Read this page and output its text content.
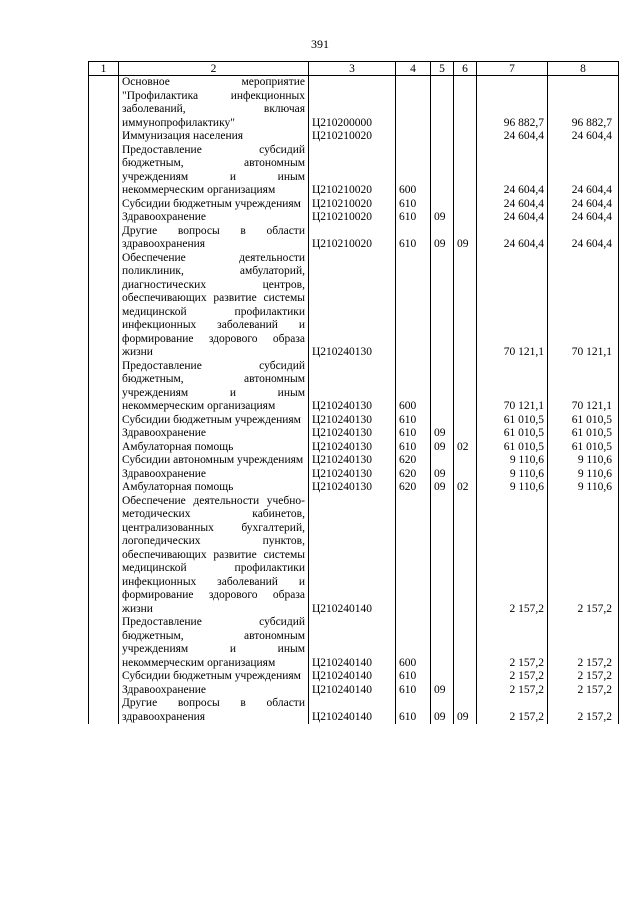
391
1	2	3	4	5	6	7	8
	Основное мероприятие "Профилактика инфекционных заболеваний, включая иммунопрофилактику"	Ц210200000				96 882,7	96 882,7
	Иммунизация населения	Ц210210020				24 604,4	24 604,4
	Предоставление субсидий бюджетным, автономным учреждениям и иным некоммерческим организациям	Ц210210020	600			24 604,4	24 604,4
	Субсидии бюджетным учреждениям	Ц210210020	610			24 604,4	24 604,4
	Здравоохранение	Ц210210020	610	09		24 604,4	24 604,4
	Другие вопросы в области здравоохранения	Ц210210020	610	09	09	24 604,4	24 604,4
	Обеспечение деятельности поликлиник, амбулаторий, диагностических центров, обеспечивающих развитие системы медицинской профилактики инфекционных заболеваний и формирование здорового образа жизни	Ц210240130				70 121,1	70 121,1
	Предоставление субсидий бюджетным, автономным учреждениям и иным некоммерческим организациям	Ц210240130	600			70 121,1	70 121,1
	Субсидии бюджетным учреждениям	Ц210240130	610			61 010,5	61 010,5
	Здравоохранение	Ц210240130	610	09		61 010,5	61 010,5
	Амбулаторная помощь	Ц210240130	610	09	02	61 010,5	61 010,5
	Субсидии автономным учреждениям	Ц210240130	620			9 110,6	9 110,6
	Здравоохранение	Ц210240130	620	09		9 110,6	9 110,6
	Амбулаторная помощь	Ц210240130	620	09	02	9 110,6	9 110,6
	Обеспечение деятельности учебно-методических кабинетов, централизованных бухгалтерий, логопедических пунктов, обеспечивающих развитие системы медицинской профилактики инфекционных заболеваний и формирование здорового образа жизни	Ц210240140				2 157,2	2 157,2
	Предоставление субсидий бюджетным, автономным учреждениям и иным некоммерческим организациям	Ц210240140	600			2 157,2	2 157,2
	Субсидии бюджетным учреждениям	Ц210240140	610			2 157,2	2 157,2
	Здравоохранение	Ц210240140	610	09		2 157,2	2 157,2
	Другие вопросы в области здравоохранения	Ц210240140	610	09	09	2 157,2	2 157,2
